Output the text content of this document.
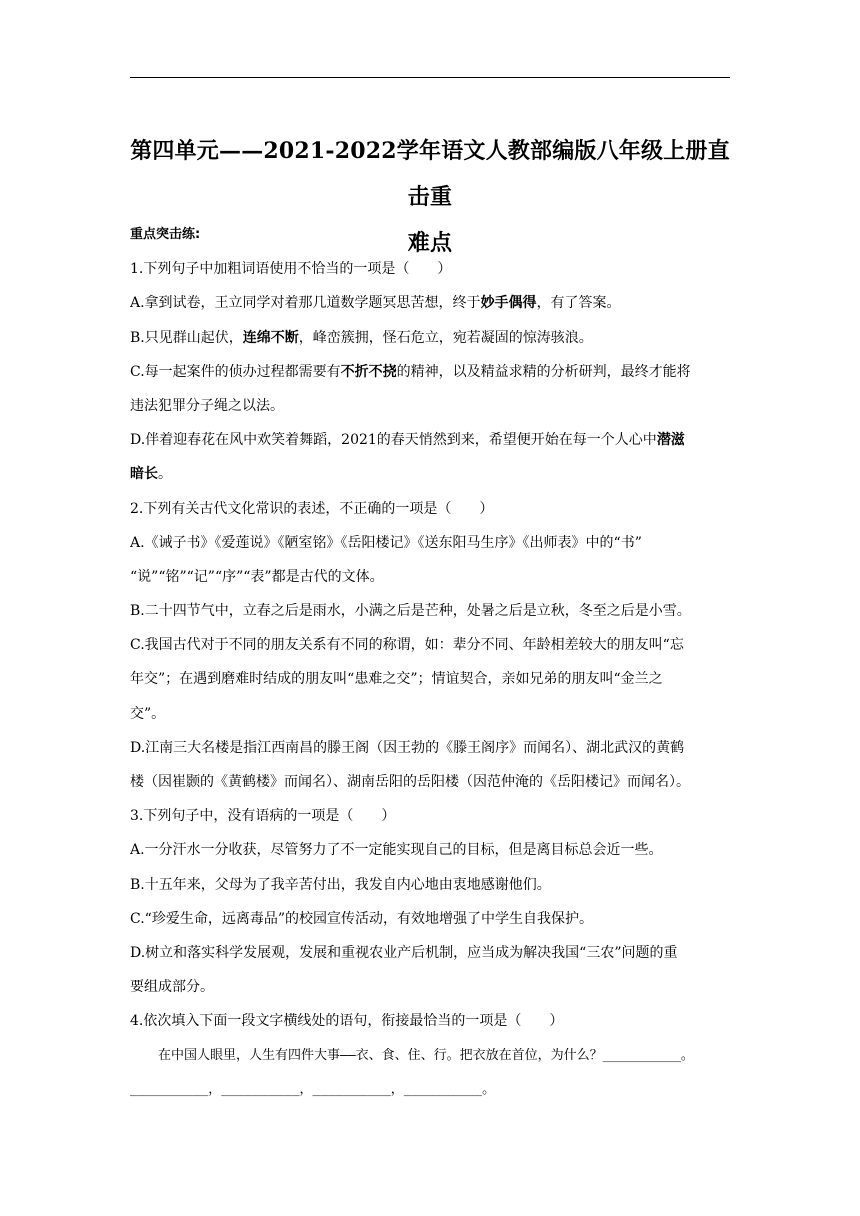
第四单元——2021-2022学年语文人教部编版八年级上册直击重
难点
重点突击练:
1.下列句子中加粗词语使用不恰当的一项是（　　）
A.拿到试卷，王立同学对着那几道数学题冥思苦想，终于妙手偶得，有了答案。
B.只见群山起伏，连绵不断，峰峦簇拥，怪石危立，宛若凝固的惊涛骇浪。
C.每一起案件的侦办过程都需要有不折不挠的精神，以及精益求精的分析研判，最终才能将
违法犯罪分子绳之以法。
D.伴着迎春花在风中欢笑着舞蹈，2021的春天悄然到来，希望便开始在每一个人心中潜滋
暗长。
2.下列有关古代文化常识的表述，不正确的一项是（　　）
A.《诫子书》《爱莲说》《陋室铭》《岳阳楼记》《送东阳马生序》《出师表》中的“书”
“说”“铭”“记”“序”“表”都是古代的文体。
B.二十四节气中，立春之后是雨水，小满之后是芒种，处暑之后是立秋，冬至之后是小雪。
C.我国古代对于不同的朋友关系有不同的称谓，如：辈分不同、年龄相差较大的朋友叫“忘
年交”；在遇到磨难时结成的朋友叫“患难之交”；情谊契合，亲如兄弟的朋友叫“金兰之
交”。
D.江南三大名楼是指江西南昌的滕王阁（因王勃的《滕王阁序》而闻名）、湖北武汉的黄鹤
楼（因崔颢的《黄鹤楼》而闻名）、湖南岳阳的岳阳楼（因范仲淹的《岳阳楼记》而闻名）。
3.下列句子中，没有语病的一项是（　　）
A.一分汗水一分收获，尽管努力了不一定能实现自己的目标，但是离目标总会近一些。
B.十五年来，父母为了我辛苦付出，我发自内心地由衷地感谢他们。
C.“珍爱生命，远离毒品”的校园宣传活动，有效地增强了中学生自我保护。
D.树立和落实科学发展观，发展和重视农业产后机制，应当成为解决我国“三农”问题的重
要组成部分。
4.依次填入下面一段文字横线处的语句，衔接最恰当的一项是（　　）
在中国人眼里，人生有四件大事——衣、食、住、行。把衣放在首位，为什么？__________。
__________，__________，__________，__________。
